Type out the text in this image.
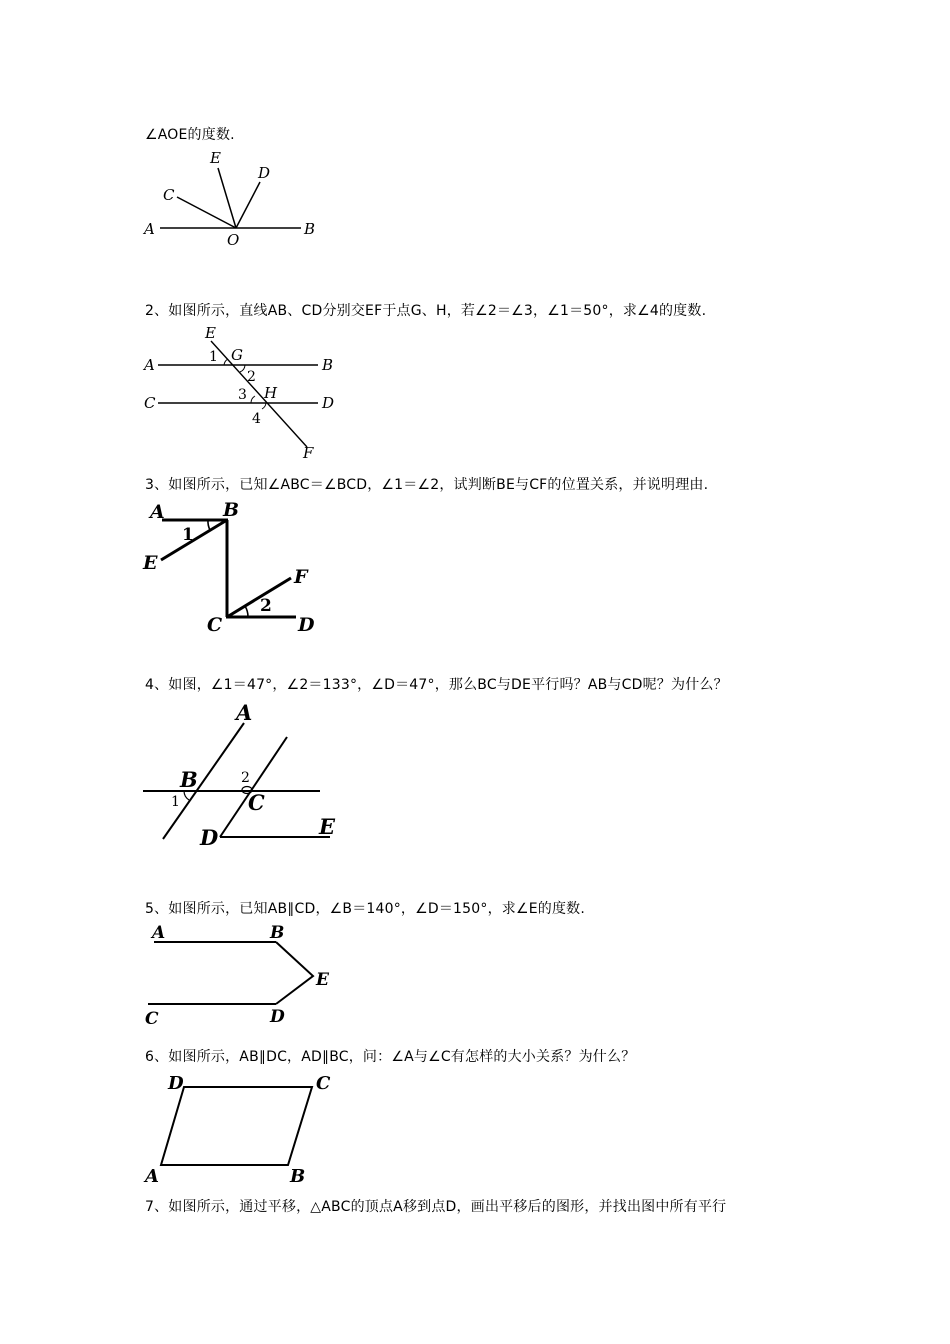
∠AOE的度数.
A	B
C
D
E
O
2、如图所示，直线AB、CD分别交EF于点G、H，若∠2＝∠3，∠1＝50°，求∠4的度数.
A	B
C	D
E
F
G
H
1
2
3
4
3、如图所示，已知∠ABC＝∠BCD，∠1＝∠2，试判断BE与CF的位置关系，并说明理由.
A	B
C	D
E
F
1
2
4、如图，∠1＝47°，∠2＝133°，∠D＝47°，那么BC与DE平行吗？AB与CD呢？为什么？
A
B
C
D	E
1
2
5、如图所示，已知AB∥CD，∠B＝140°，∠D＝150°，求∠E的度数.
A	B
C	D
E
6、如图所示，AB∥DC，AD∥BC，问：∠A与∠C有怎样的大小关系？为什么？
D	C
A	B
7、如图所示，通过平移，△ABC的顶点A移到点D，画出平移后的图形，并找出图中所有平行
